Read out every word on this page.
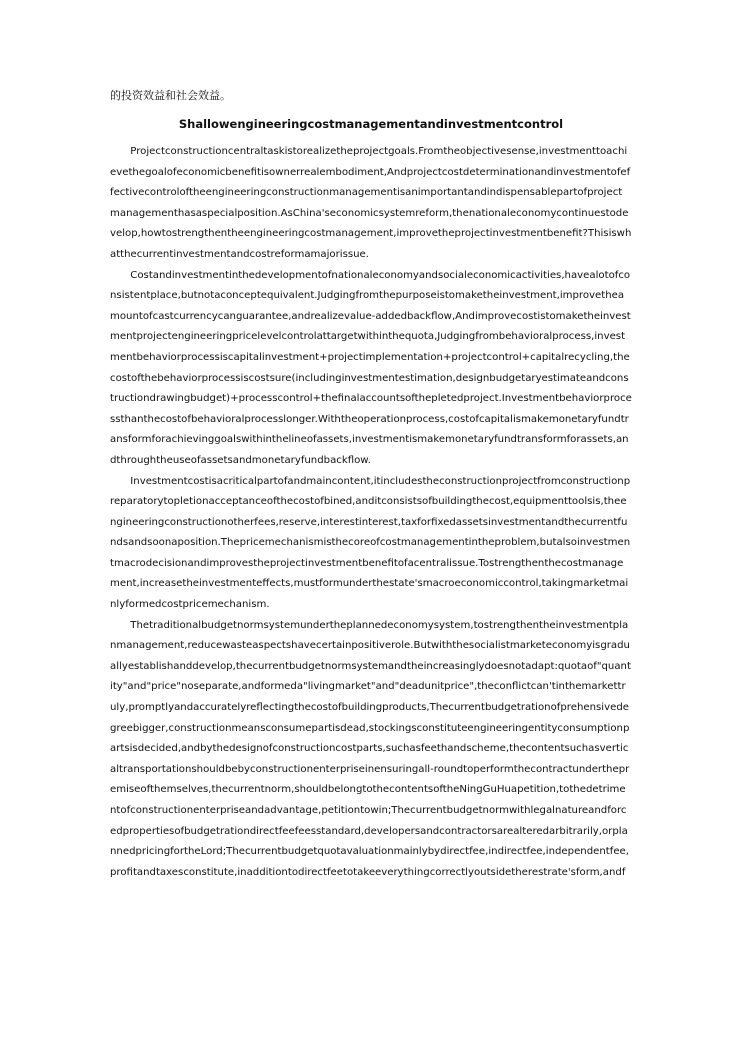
的投资效益和社会效益。

Shallowengineeringcostmanagementandinvestmentcontrol

Projectconstructioncentraltaskistorealizetheprojectgoals.Fromtheobjectivesense,investmenttoachievethegoalofeconomicbenefitisownerrealembodiment,Andprojectcostdeterminationandinvestmentofeffectivecontroloftheengineeringconstructionmanagementisanimportantandindispensablepartofprojectmanagementhasaspecialposition.AsChina'seconomicsystemreform,thenationaleconomycontinuestodevelop,howtostrengthentheengineeringcostmanagement,improvetheprojectinvestmentbenefit?Thisiswhatthecurrentinvestmentandcostreformamajorissue.

Costandinvestmentinthedevelopmentofnationaleconomyandsocialeconomicactivities,havealotofconsistentplace,butnotaconceptequivalent.Judgingfromthepurposeistomaketheinvestment,improvetheamountofcastcurrencycanguarantee,andrealizevalue-addedbackflow,Andimprovecostistomaketheinvestmentprojectengineeringpricelevelcontrolattargetwithinthequota,Judgingfrombehavioralprocess,investmentbehaviorprocessiscapitalinvestment+projectimplementation+projectcontrol+capitalrecycling,thecostofthebehaviorprocessiscostsure(includinginvestmentestimation,designbudgetaryestimateandconstructiondrawingbudget)+processcontrol+thefinalaccountsofthepletedproject.Investmentbehaviorprocessthanthecostofbehavioralprocesslonger.Withtheoperationprocess,costofcapitalismakemonetaryfundtransformforachievinggoalswithinthelineofassets,investmentismakemonetaryfundtransformforassets,andthroughtheuseofassetsandmonetaryfundbackflow.

Investmentcostisacriticalpartofandmaincontent,itincludestheconstructionprojectfromconstructionpreparatorytopletionacceptanceofthecostofbined,anditconsistsofbuildingthecost,equipmenttoolsis,theengineeringconstructionotherfees,reserve,interestinterest,taxforfixedassetsinvestmentandthecurrentfundsandsoonaposition.Thepricemechanismisthecoreofcostmanagementintheproblem,butalsoinvestmentmacrodecisionandimprovestheprojectinvestmentbenefitofacentralissue.Tostrengthenthecostmanagement,increasetheinvestmenteffects,mustformunderthestate'smacroeconomiccontrol,takingmarketmainlyformedcostpricemechanism.

Thetraditionalbudgetnormsystemundertheplannedeconomysystem,tostrengthentheinvestmentplanmanagement,reducewasteaspectshavecertainpositiverole.Butwiththesocialistmarketeconomyisgraduallyestablishanddevelop,thecurrentbudgetnormsystemandtheincreasinglydoesnotadapt:quotaof"quantity"and"price"noseparate,andformeda"livingmarket"and"deadunitprice",theconflictcan'tinthemarkettruly,promptlyandaccuratelyreflectingthecostofbuildingproducts,Thecurrentbudgetrationofprehensivedegreebigger,constructionmeansconsumepartisdead,stockingsconstituteengineeringentityconsumptionpartsisdecided,andbythedesignofconstructioncostparts,suchasfeethandscheme,thecontentsuchasverticaltransportationshouldbebyconstructionenterpriseinensuringall-roundtoperformthecontractunderthepremiseofthemselves,thecurrentnorm,shouldbelongtothecontentsoftheNingGuHuapetition,tothedetrimentofconstructionenterpriseandadvantage,petitiontowin;Thecurrentbudgetnormwithlegalnatureandforcedpropertiesofbudgetrationdirectfeefeesstandard,developersandcontractorsarealteredarbitrarily,orplannedpricingfortheLord;Thecurrentbudgetquotavaluationmainlybydirectfee,indirectfee,independentfee,profitandtaxesconstitute,inadditiontodirectfeetotakeeverythingcorrectlyoutsidetherestrate'sform,andf
